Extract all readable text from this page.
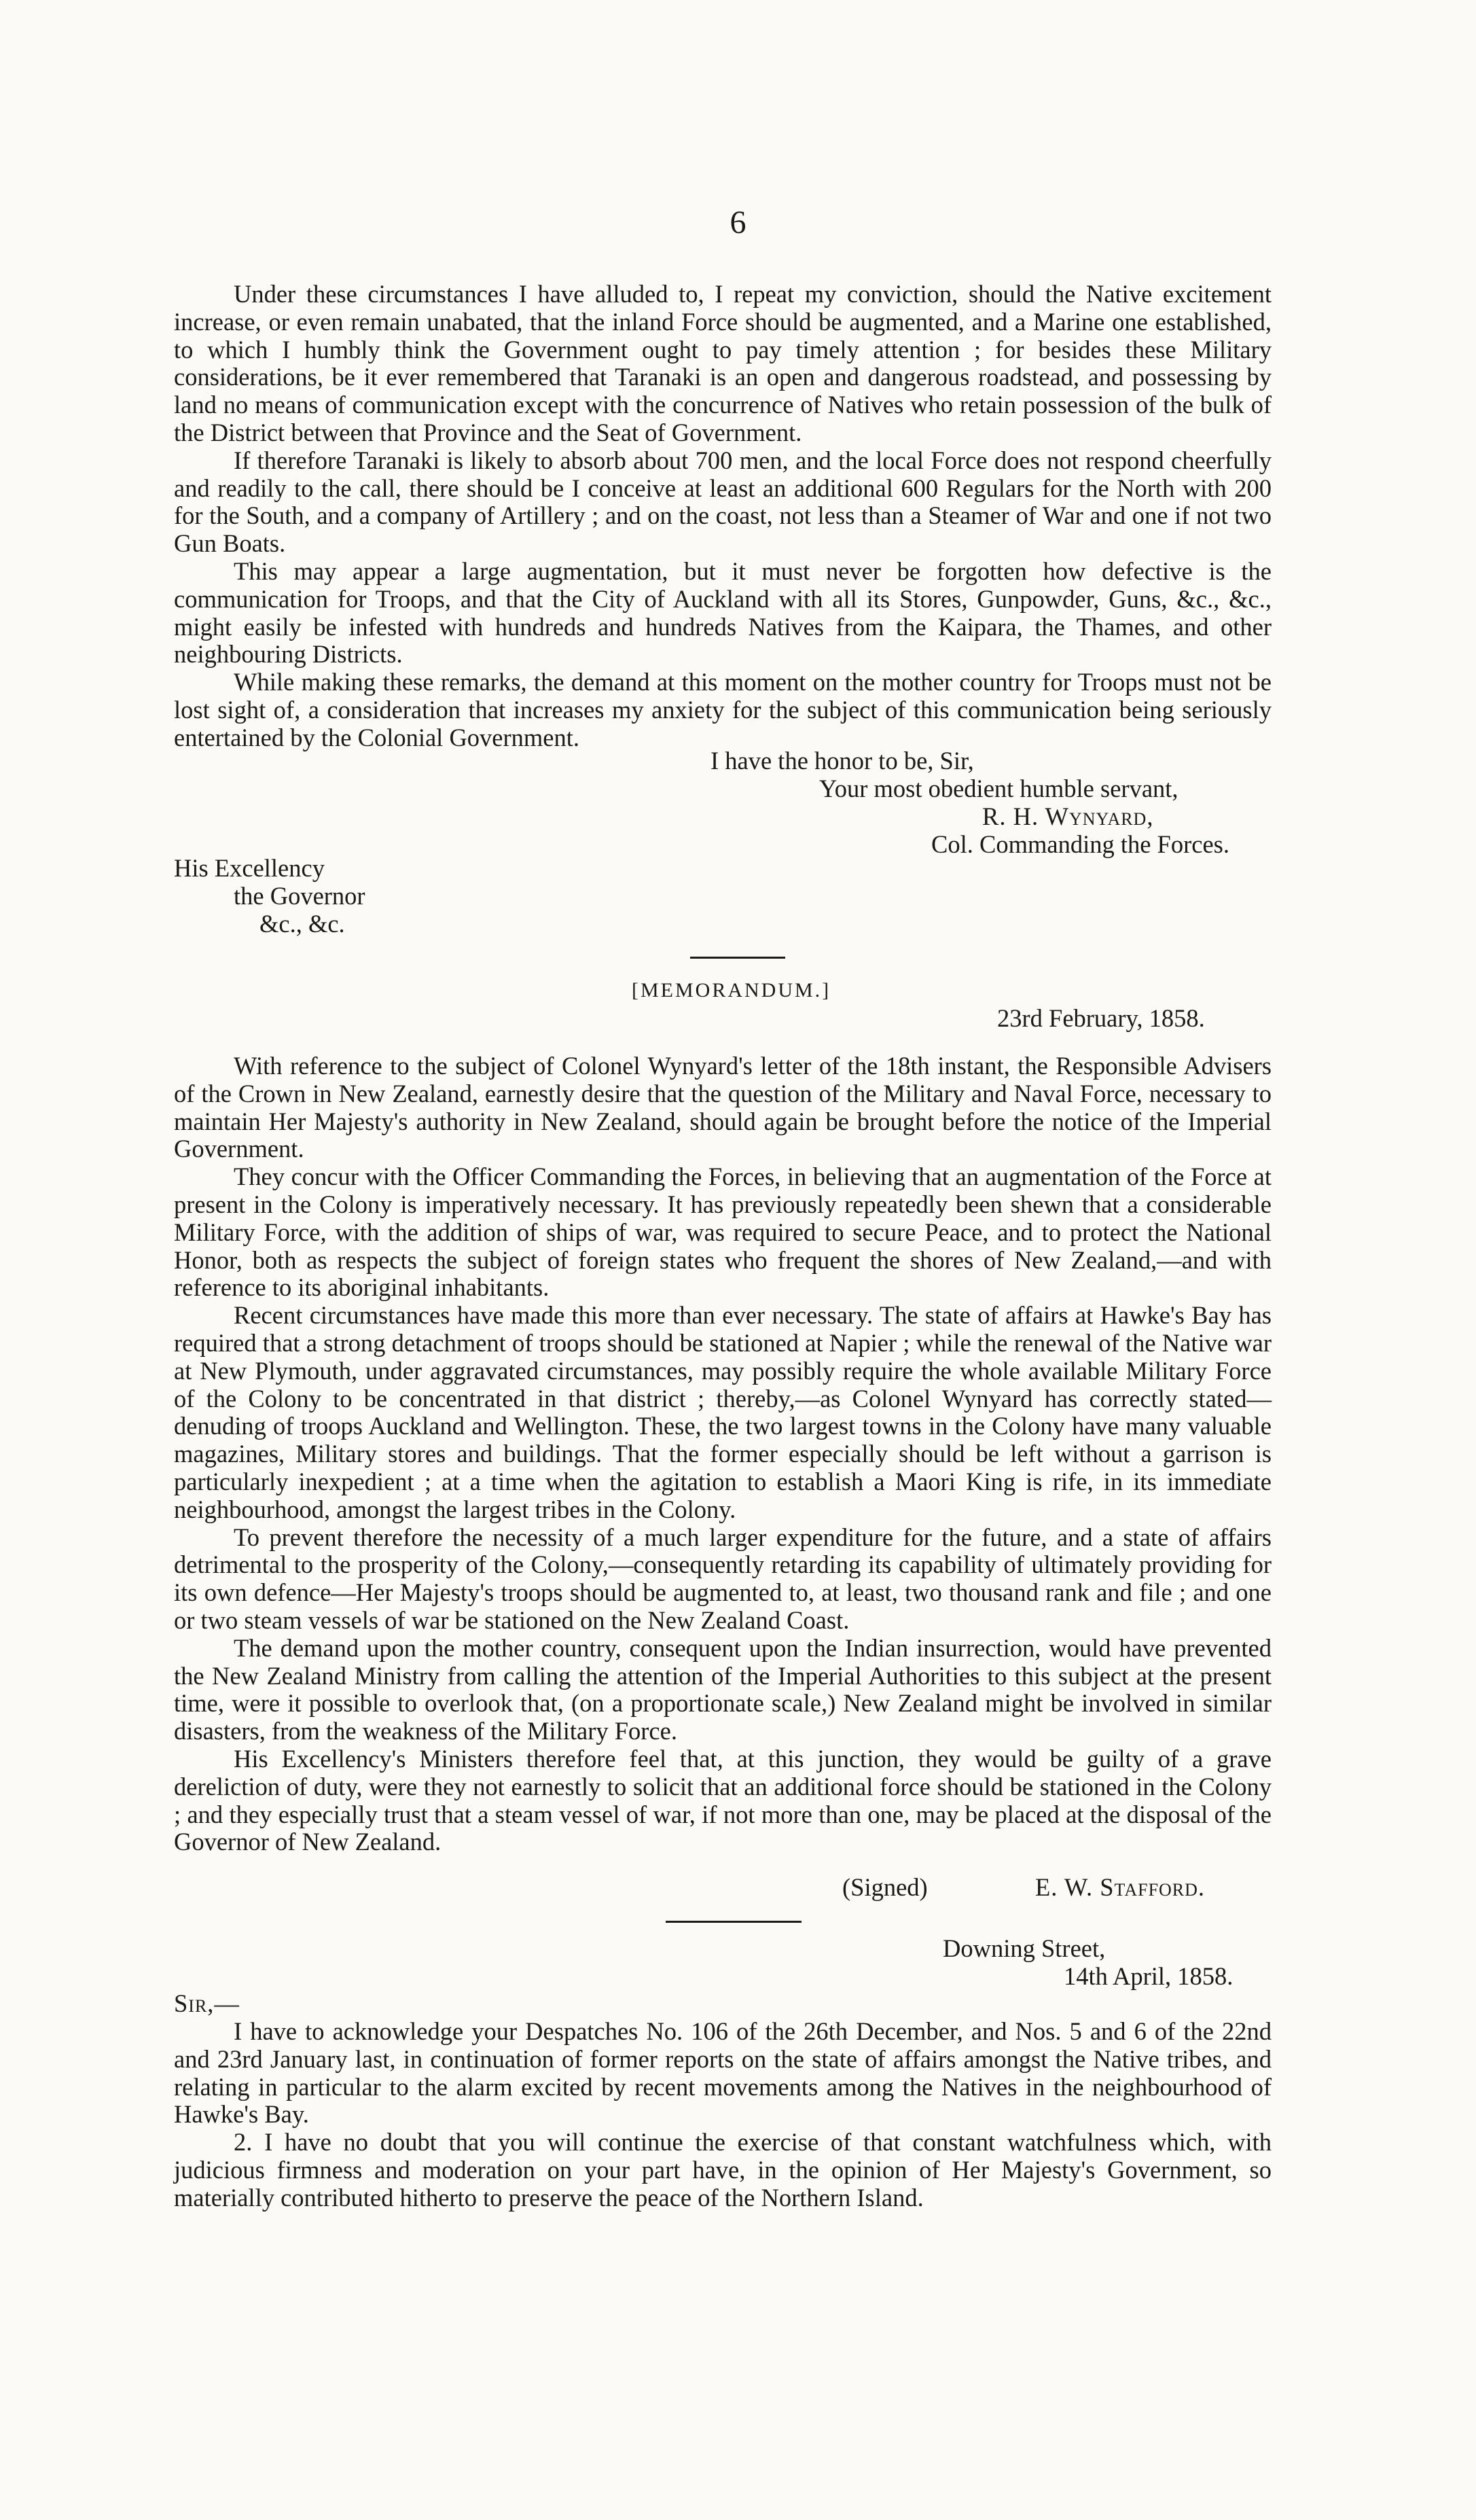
6

Under these circumstances I have alluded to, I repeat my conviction, should the Native excitement increase, or even remain unabated, that the inland Force should be augmented, and a Marine one established, to which I humbly think the Government ought to pay timely attention ; for besides these Military considerations, be it ever remembered that Taranaki is an open and dangerous roadstead, and possessing by land no means of communication except with the concurrence of Natives who retain possession of the bulk of the District between that Province and the Seat of Government.

If therefore Taranaki is likely to absorb about 700 men, and the local Force does not respond cheerfully and readily to the call, there should be I conceive at least an additional 600 Regulars for the North with 200 for the South, and a company of Artillery ; and on the coast, not less than a Steamer of War and one if not two Gun Boats.

This may appear a large augmentation, but it must never be forgotten how defective is the communication for Troops, and that the City of Auckland with all its Stores, Gunpowder, Guns, &c., &c., might easily be infested with hundreds and hundreds Natives from the Kaipara, the Thames, and other neighbouring Districts.

While making these remarks, the demand at this moment on the mother country for Troops must not be lost sight of, a consideration that increases my anxiety for the subject of this communication being seriously entertained by the Colonial Government.

I have the honor to be, Sir,
Your most obedient humble servant,
R. H. Wynyard,
Col. Commanding the Forces.
His Excellency
the Governor
&c., &c.
[MEMORANDUM.]
23rd February, 1858.

With reference to the subject of Colonel Wynyard's letter of the 18th instant, the Responsible Advisers of the Crown in New Zealand, earnestly desire that the question of the Military and Naval Force, necessary to maintain Her Majesty's authority in New Zealand, should again be brought before the notice of the Imperial Government.

They concur with the Officer Commanding the Forces, in believing that an augmentation of the Force at present in the Colony is imperatively necessary. It has previously repeatedly been shewn that a considerable Military Force, with the addition of ships of war, was required to secure Peace, and to protect the National Honor, both as respects the subject of foreign states who frequent the shores of New Zealand,—and with reference to its aboriginal inhabitants.

Recent circumstances have made this more than ever necessary. The state of affairs at Hawke's Bay has required that a strong detachment of troops should be stationed at Napier ; while the renewal of the Native war at New Plymouth, under aggravated circumstances, may possibly require the whole available Military Force of the Colony to be concentrated in that district ; thereby,—as Colonel Wynyard has correctly stated—denuding of troops Auckland and Wellington. These, the two largest towns in the Colony have many valuable magazines, Military stores and buildings. That the former especially should be left without a garrison is particularly inexpedient ; at a time when the agitation to establish a Maori King is rife, in its immediate neighbourhood, amongst the largest tribes in the Colony.

To prevent therefore the necessity of a much larger expenditure for the future, and a state of affairs detrimental to the prosperity of the Colony,—consequently retarding its capability of ultimately providing for its own defence—Her Majesty's troops should be augmented to, at least, two thousand rank and file ; and one or two steam vessels of war be stationed on the New Zealand Coast.

The demand upon the mother country, consequent upon the Indian insurrection, would have prevented the New Zealand Ministry from calling the attention of the Imperial Authorities to this subject at the present time, were it possible to overlook that, (on a proportionate scale,) New Zealand might be involved in similar disasters, from the weakness of the Military Force.

His Excellency's Ministers therefore feel that, at this junction, they would be guilty of a grave dereliction of duty, were they not earnestly to solicit that an additional force should be stationed in the Colony ; and they especially trust that a steam vessel of war, if not more than one, may be placed at the disposal of the Governor of New Zealand.

(Signed)	E. W. Stafford.
Downing Street,
14th April, 1858.
Sir,—

I have to acknowledge your Despatches No. 106 of the 26th December, and Nos. 5 and 6 of the 22nd and 23rd January last, in continuation of former reports on the state of affairs amongst the Native tribes, and relating in particular to the alarm excited by recent movements among the Natives in the neighbourhood of Hawke's Bay.

2. I have no doubt that you will continue the exercise of that constant watchfulness which, with judicious firmness and moderation on your part have, in the opinion of Her Majesty's Government, so materially contributed hitherto to preserve the peace of the Northern Island.
